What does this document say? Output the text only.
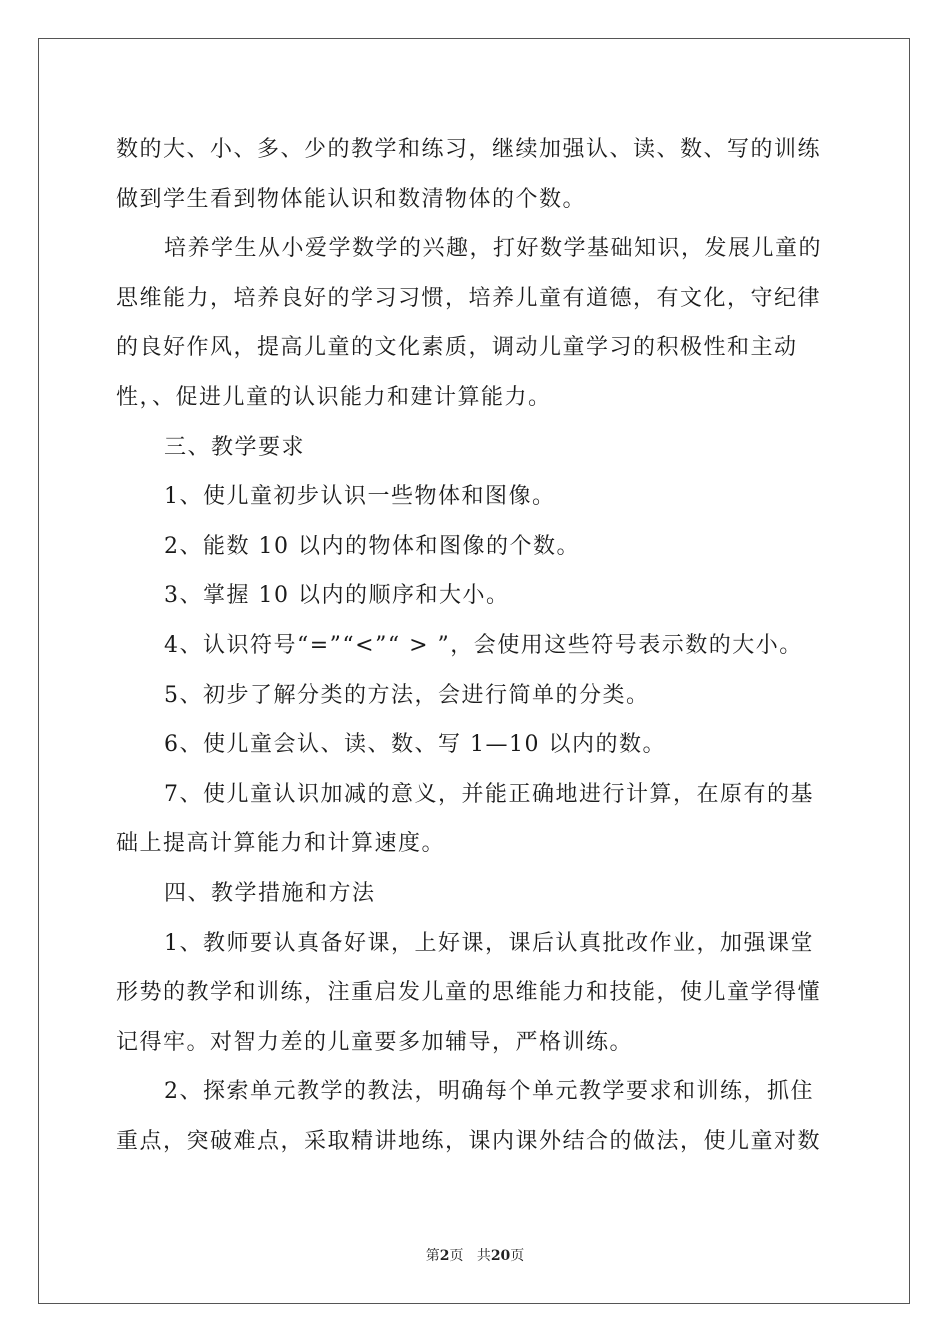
数的大、小、多、少的教学和练习，继续加强认、读、数、写的训练
做到学生看到物体能认识和数清物体的个数。
培养学生从小爱学数学的兴趣，打好数学基础知识，发展儿童的
思维能力，培养良好的学习习惯，培养儿童有道德，有文化，守纪律
的良好作风，提高儿童的文化素质，调动儿童学习的积极性和主动
性，、促进儿童的认识能力和建计算能力。
三、教学要求
1、使儿童初步认识一些物体和图像。
2、能数 10 以内的物体和图像的个数。
3、掌握 10 以内的顺序和大小。
4、认识符号“=”“<”“ > ”，会使用这些符号表示数的大小。
5、初步了解分类的方法，会进行简单的分类。
6、使儿童会认、读、数、写 1—10 以内的数。
7、使儿童认识加减的意义，并能正确地进行计算，在原有的基
础上提高计算能力和计算速度。
四、教学措施和方法
1、教师要认真备好课，上好课，课后认真批改作业，加强课堂
形势的教学和训练，注重启发儿童的思维能力和技能，使儿童学得懂
记得牢。对智力差的儿童要多加辅导，严格训练。
2、探索单元教学的教法，明确每个单元教学要求和训练，抓住
重点，突破难点，采取精讲地练，课内课外结合的做法，使儿童对数
第2页 共20页
